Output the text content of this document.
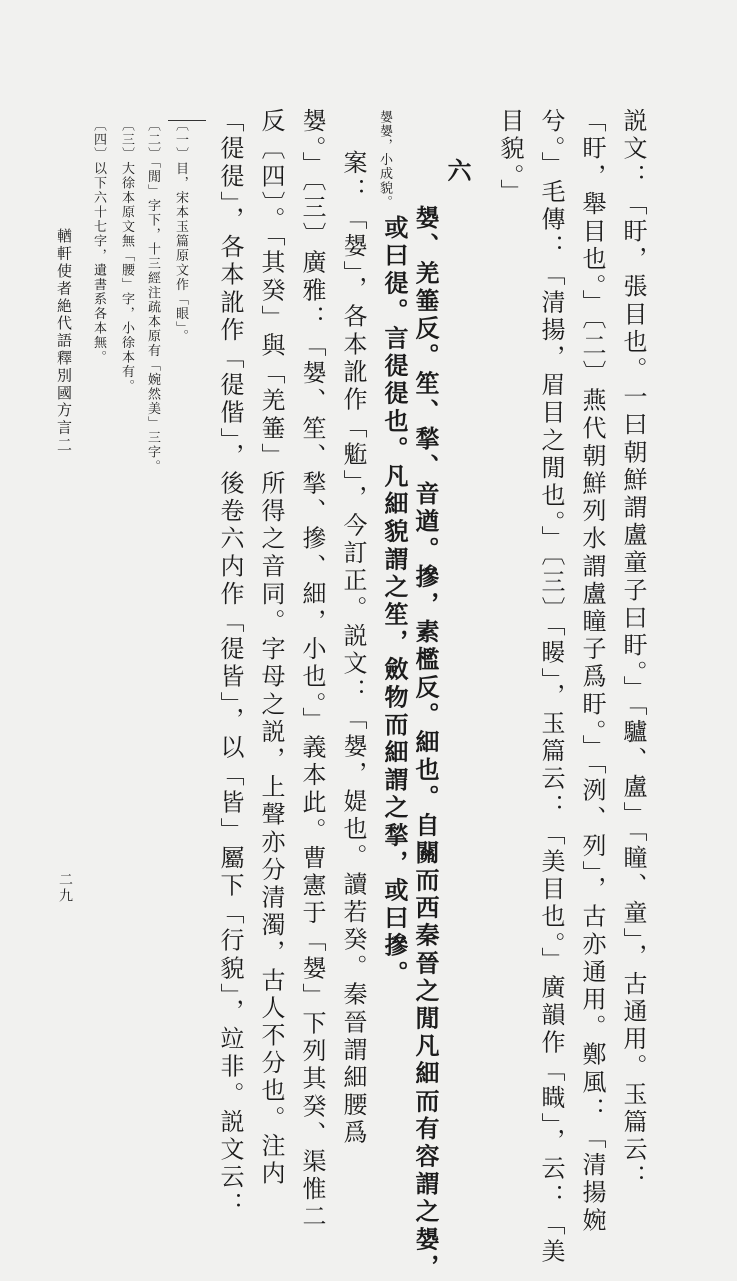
説文：「盱，張目也。一曰朝鮮謂盧童子曰盱。」「驢、盧」「瞳、童」，古通用。玉篇云：
「盱，舉目也。」〔二〕燕代朝鮮列水謂盧瞳子爲盱。」「洌、列」，古亦通用。鄭風：「清揚婉
兮。」毛傳：「清揚，眉目之閒也。」〔三〕「䁙」，玉篇云：「美目也。」廣韻作「睵」，云：「美
目貌。」
六
嫢、羌箠反。笙、揫、音遒。摻，素檻反。細也。自關而西秦晉之閒凡細而有容謂之嫢，
嫢嫢，小成貌。
或曰徥。言徥徥也。凡細貌謂之笙，斂物而細謂之揫，或曰摻。
案：「嫢」，各本訛作「䰢」，今訂正。説文：「嫢，媞也。讀若癸。秦晉謂細腰爲
嫢。」〔三〕廣雅：「嫢、笙、揫、摻、細，小也。」義本此。曹憲于「嫢」下列其癸、渠惟二
反〔四〕。「其癸」與「羌箠」所得之音同。字母之説，上聲亦分清濁，古人不分也。注内
「徥徥」，各本訛作「徥偕」，後卷六内作「徥皆」，以「皆」屬下「行貌」，竝非。説文云：
〔一〕目，宋本玉篇原文作「眼」。
〔二〕「閒」字下，十三經注疏本原有「婉然美」三字。
〔三〕大徐本原文無「腰」字，小徐本有。
〔四〕以下六十七字，遺書系各本無。
輶軒使者絶代語釋別國方言二
二九
